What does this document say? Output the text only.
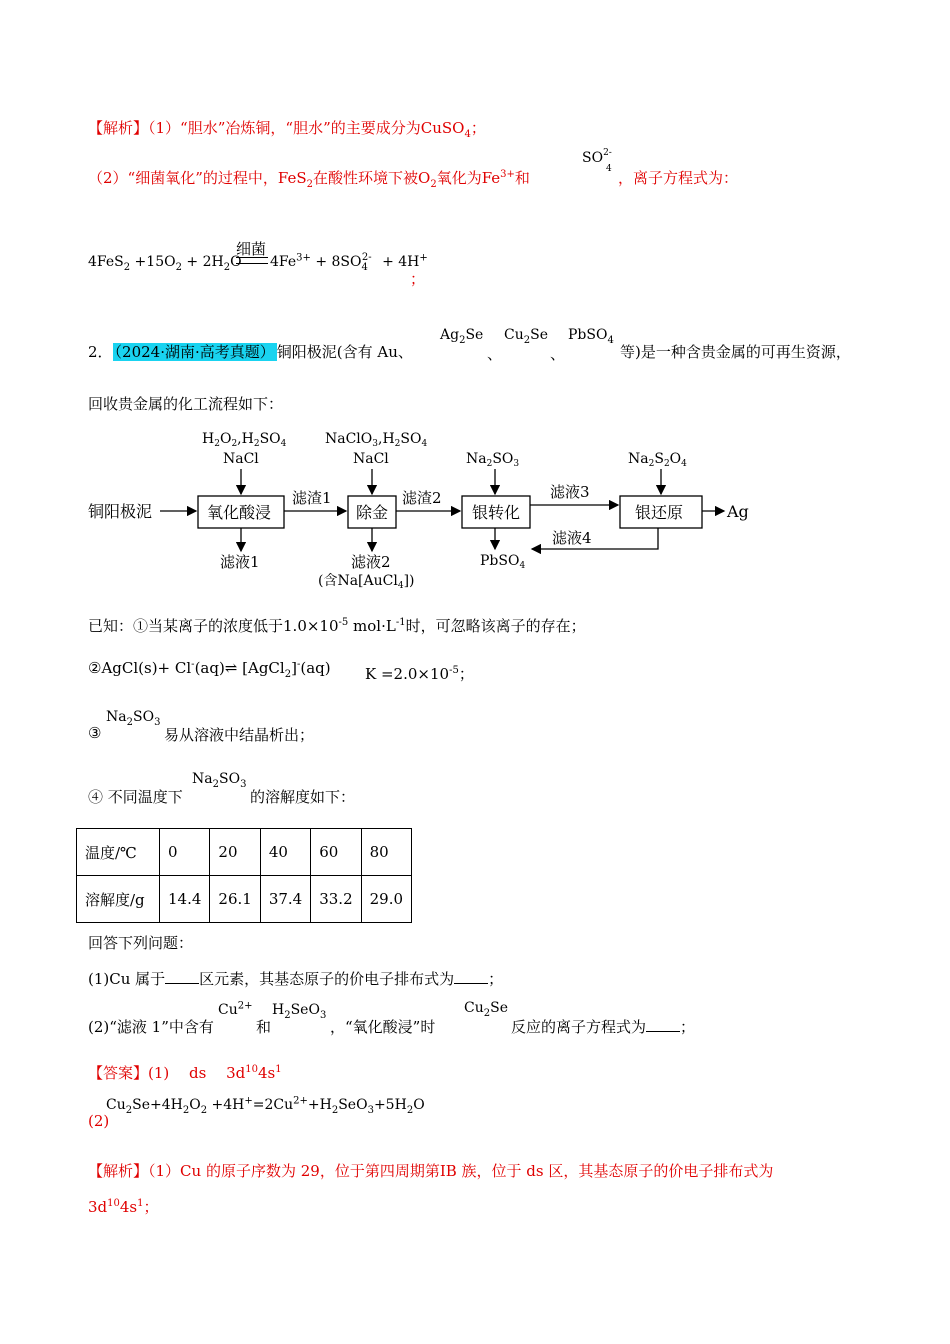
【解析】（1）“胆水”冶炼铜，“胆水”的主要成分为CuSO$_4$；
（2）“细菌氧化”的过程中，FeS$_2$在酸性环境下被$O_2$氧化为$Fe^{3+}$和
$SO^{2-}$
4 ，离子方程式为：
$4FeS_2 +15O_2 + 2H_2O$
细菌
$4Fe^{3+} + 8SO_4^{2-} + 4H^+$
；
2． （2024·湖南·高考真题） 铜阳极泥(含有 Au、
$Ag_2Se$
、
$Cu_2Se$
、
PbSO$_4$
等)是一种含贵金属的可再生资源，
回收贵金属的化工流程如下：
铜阳极泥	氧化酸浸
$H_2O_2,H_2SO_4$
NaCl
滤液1
滤渣1
除金
$NaClO_3,H_2SO_4$
NaCl
滤液2
(含Na[AuCl$_4$])
滤渣2
银转化
$Na_2SO_3$
PbSO$_4$
滤液3
滤液4
银还原
$Na_2S_2O_4$
Ag
已知：①当某离子的浓度低于$1.0\times 10^{-5}$ $mol\cdot L^{-1}$时，可忽略该离子的存在；
②AgCl(s)+ Cl-(aq)⇌ [AgCl$_2$]-(aq) $K =2.0\times 10^{-5}$；
③
$Na_2SO_3$
易从溶液中结晶析出；
④ 不同温度下
$Na_2SO_3$
的溶解度如下：
温度/℃	0	20	40	60	80
溶解度/g	14.4	26.1	37.4	33.2	29.0
回答下列问题：
(1)Cu 属于 区元素，其基态原子的价电子排布式为 ；
(2)“滤液 1”中含有
$Cu^{2+}$
和
$H_2SeO_3$
，“氧化酸浸”时
$Cu_2Se$
反应的离子方程式为 ；
【答案】(1)　 ds　 $3d^{10}4s^1$
$Cu_2Se+4H_2O_2 +4H^+=2Cu^{2+}+H_2SeO_3+5H_2O$
(2)
【解析】（1）Cu 的原子序数为 29，位于第四周期第ⅠB 族，位于 ds 区，其基态原子的价电子排布式为
$3d^{10}4s^1$；
